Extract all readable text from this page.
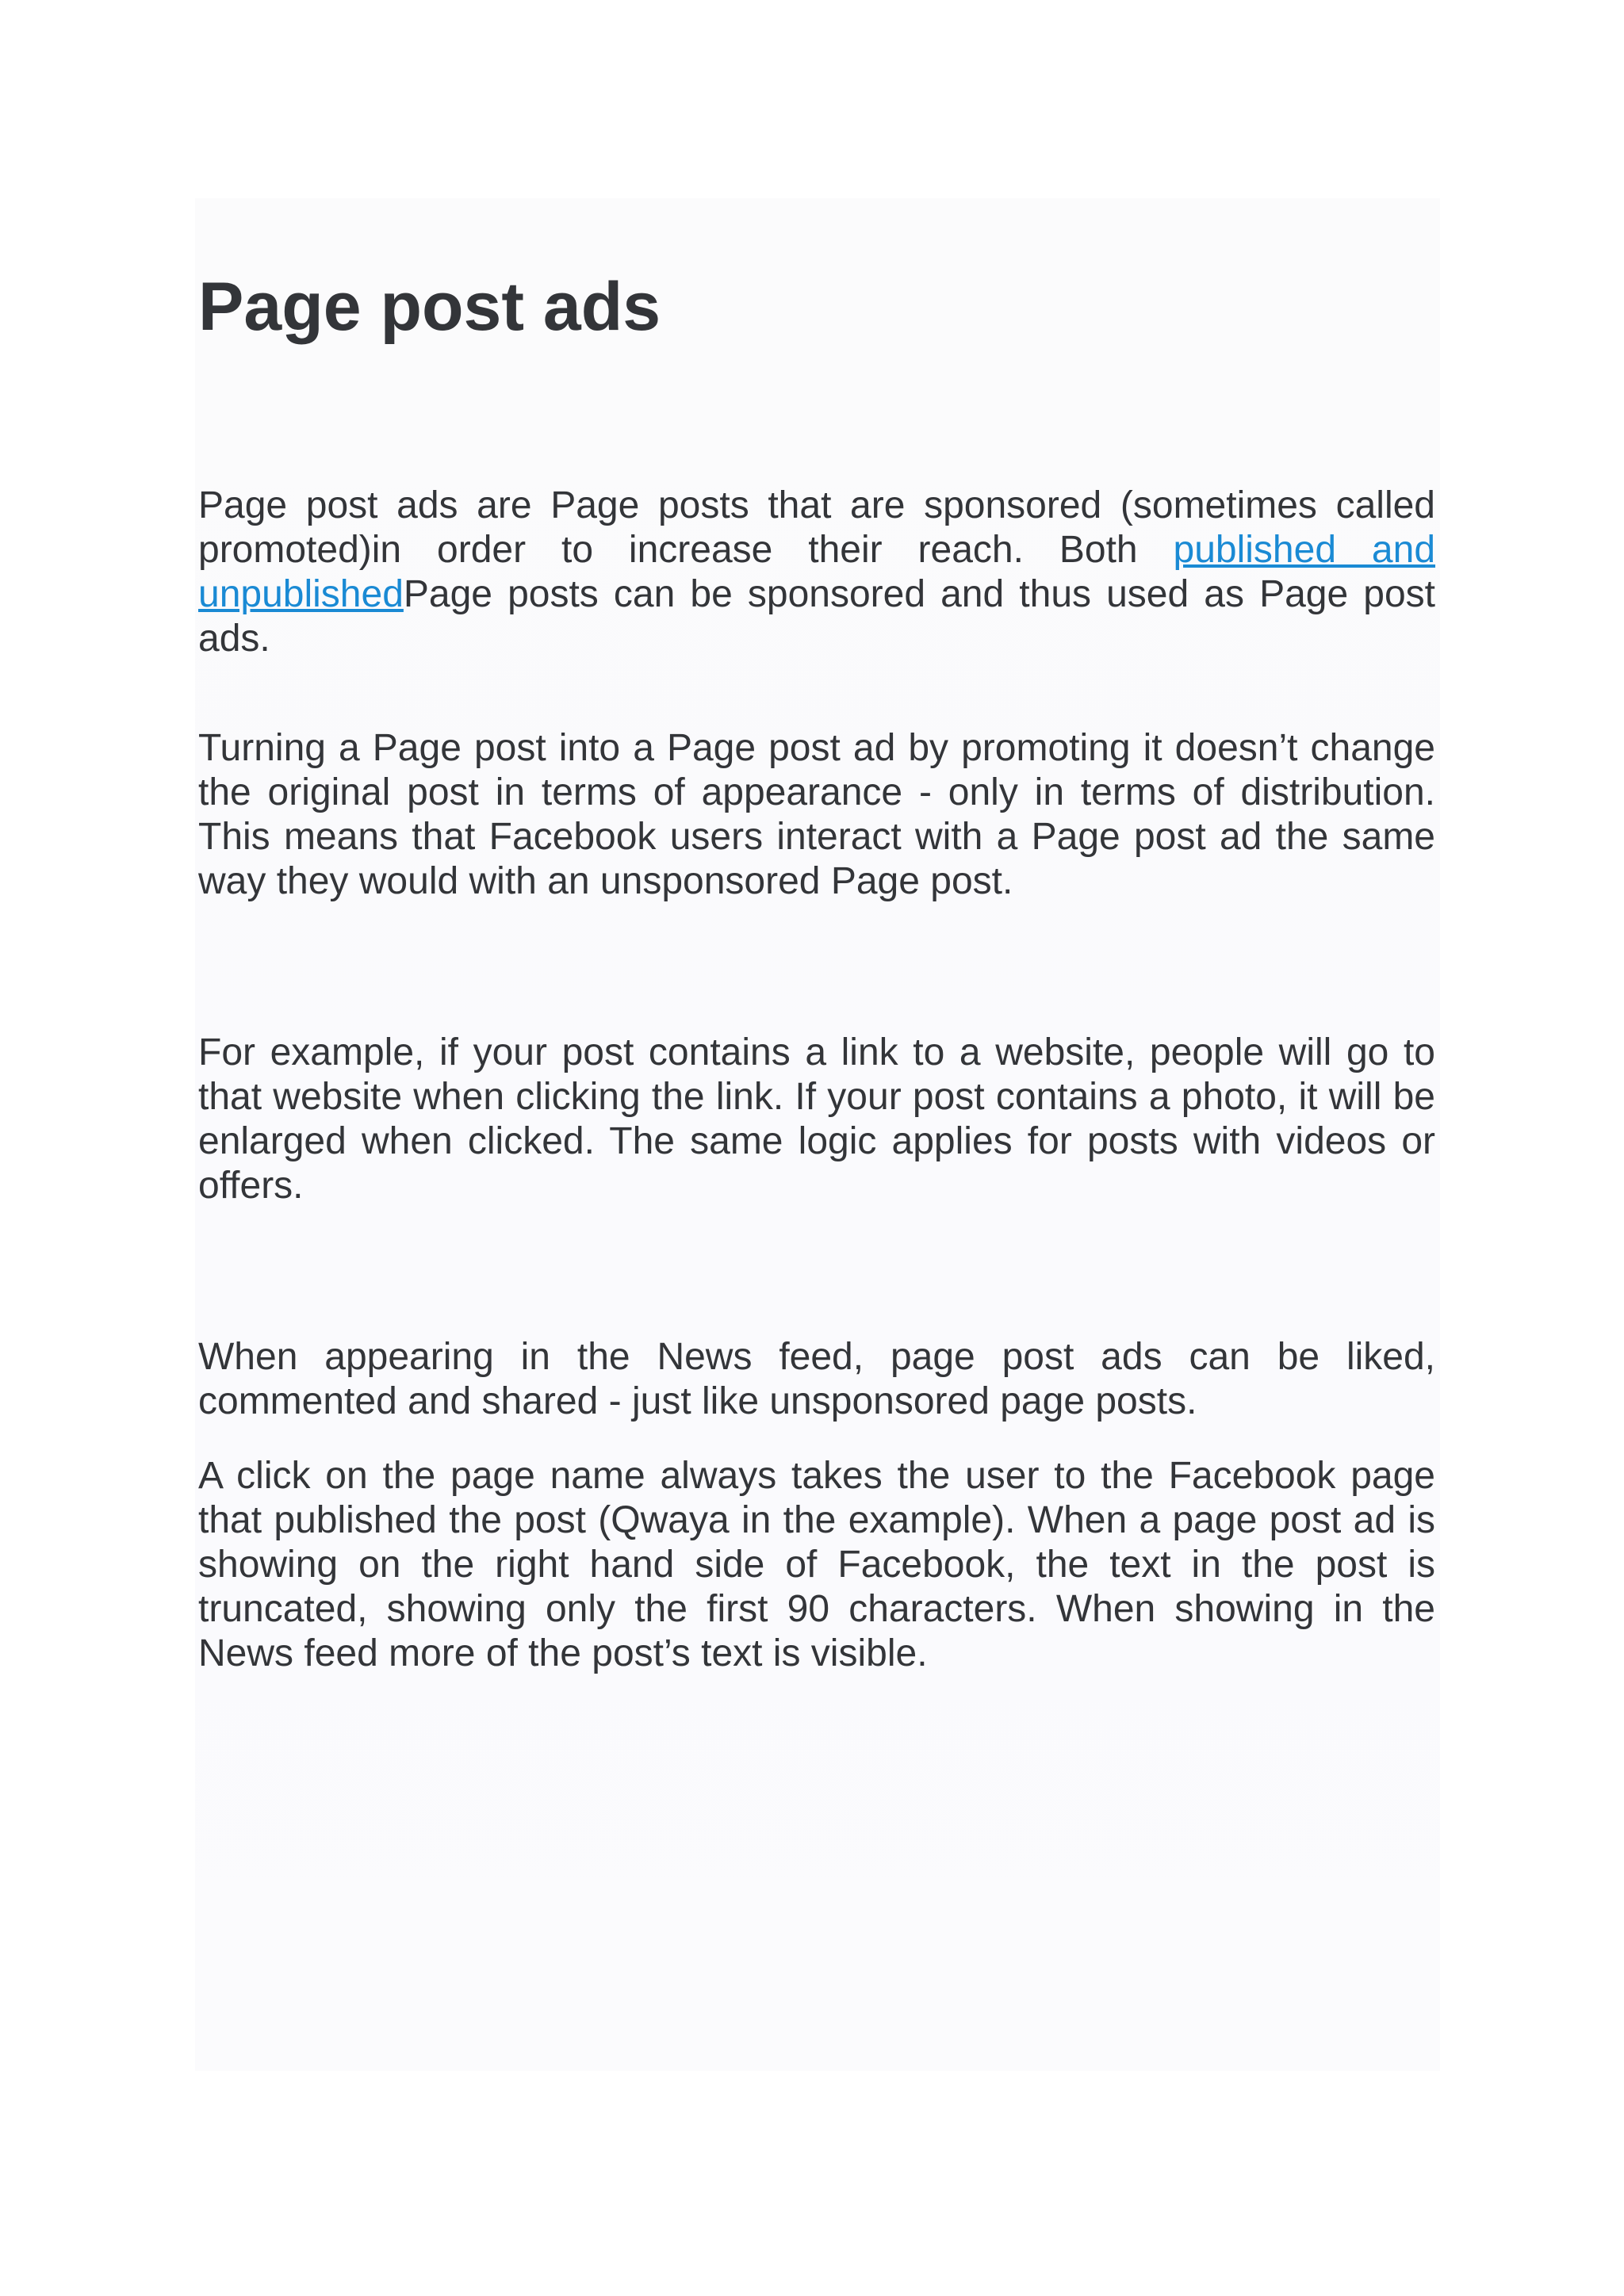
Page post ads

Page post ads are Page posts that are sponsored (sometimes called promoted)in order to increase their reach. Both published and unpublishedPage posts can be sponsored and thus used as Page post ads.

Turning a Page post into a Page post ad by promoting it doesn’t change the original post in terms of appearance - only in terms of distribution. This means that Facebook users interact with a Page post ad the same way they would with an unsponsored Page post.

For example, if your post contains a link to a website, people will go to that website when clicking the link. If your post contains a photo, it will be enlarged when clicked. The same logic applies for posts with videos or offers.

When appearing in the News feed, page post ads can be liked, commented and shared - just like unsponsored page posts.

A click on the page name always takes the user to the Facebook page that published the post (Qwaya in the example). When a page post ad is showing on the right hand side of Facebook, the text in the post is truncated, showing only the first 90 characters. When showing in the News feed more of the post’s text is visible.
